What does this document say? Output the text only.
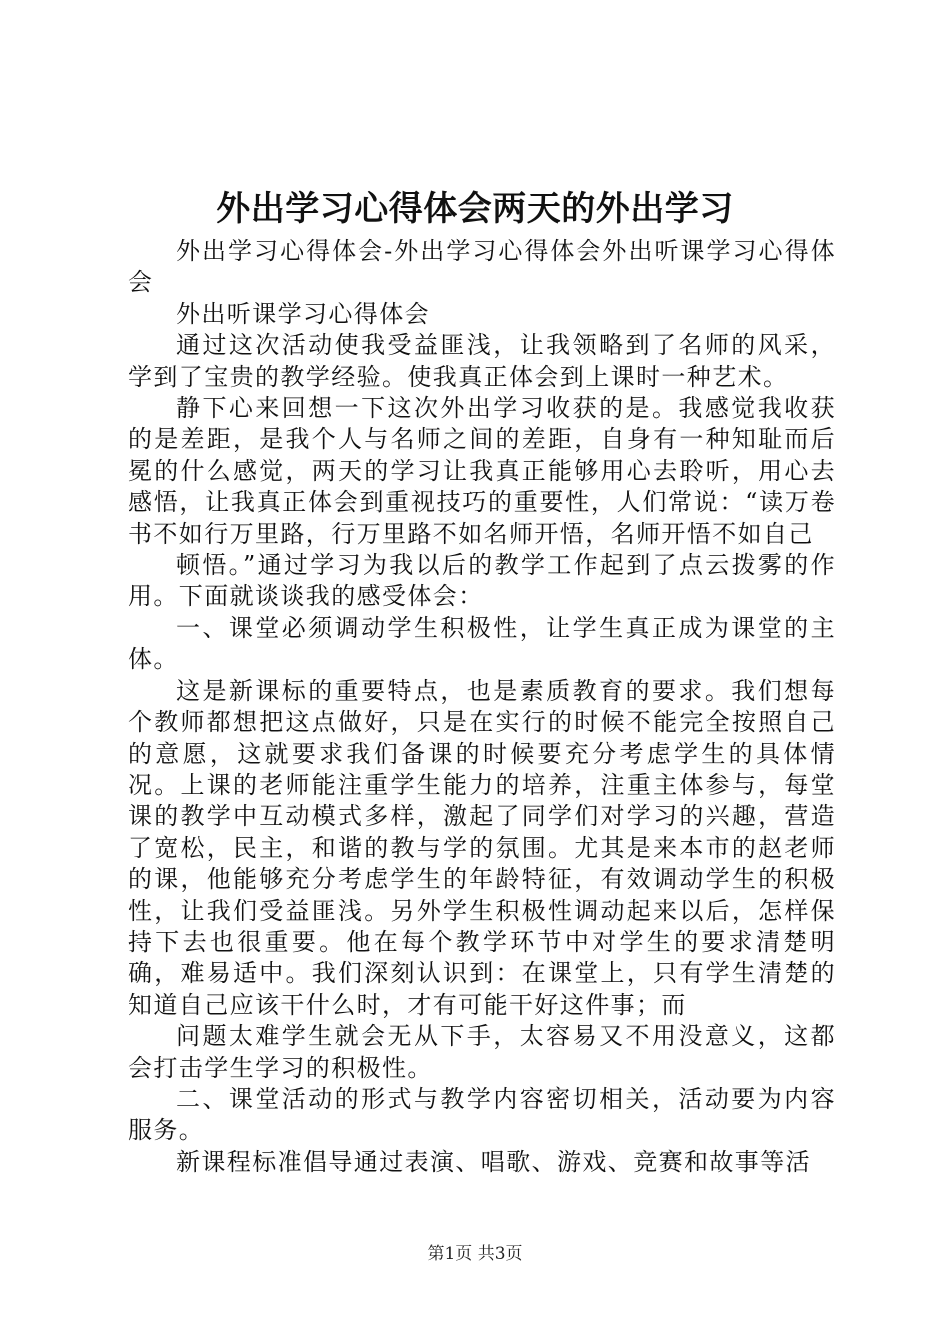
外出学习心得体会两天的外出学习

外出学习心得体会-外出学习心得体会外出听课学习心得体会

外出听课学习心得体会

通过这次活动使我受益匪浅，让我领略到了名师的风采，学到了宝贵的教学经验。使我真正体会到上课时一种艺术。

静下心来回想一下这次外出学习收获的是。我感觉我收获的是差距，是我个人与名师之间的差距，自身有一种知耻而后冕的什么感觉，两天的学习让我真正能够用心去聆听，用心去感悟，让我真正体会到重视技巧的重要性，人们常说：“读万卷书不如行万里路，行万里路不如名师开悟，名师开悟不如自己

顿悟。”通过学习为我以后的教学工作起到了点云拨雾的作用。下面就谈谈我的感受体会：

一、课堂必须调动学生积极性，让学生真正成为课堂的主体。

这是新课标的重要特点，也是素质教育的要求。我们想每个教师都想把这点做好，只是在实行的时候不能完全按照自己的意愿，这就要求我们备课的时候要充分考虑学生的具体情况。上课的老师能注重学生能力的培养，注重主体参与，每堂课的教学中互动模式多样，激起了同学们对学习的兴趣，营造了宽松，民主，和谐的教与学的氛围。尤其是来本市的赵老师的课，他能够充分考虑学生的年龄特征，有效调动学生的积极性，让我们受益匪浅。另外学生积极性调动起来以后，怎样保持下去也很重要。他在每个教学环节中对学生的要求清楚明确，难易适中。我们深刻认识到：在课堂上，只有学生清楚的知道自己应该干什么时，才有可能干好这件事；而

问题太难学生就会无从下手，太容易又不用没意义，这都会打击学生学习的积极性。

二、课堂活动的形式与教学内容密切相关，活动要为内容服务。

新课程标准倡导通过表演、唱歌、游戏、竞赛和故事等活

第1页 共3页
